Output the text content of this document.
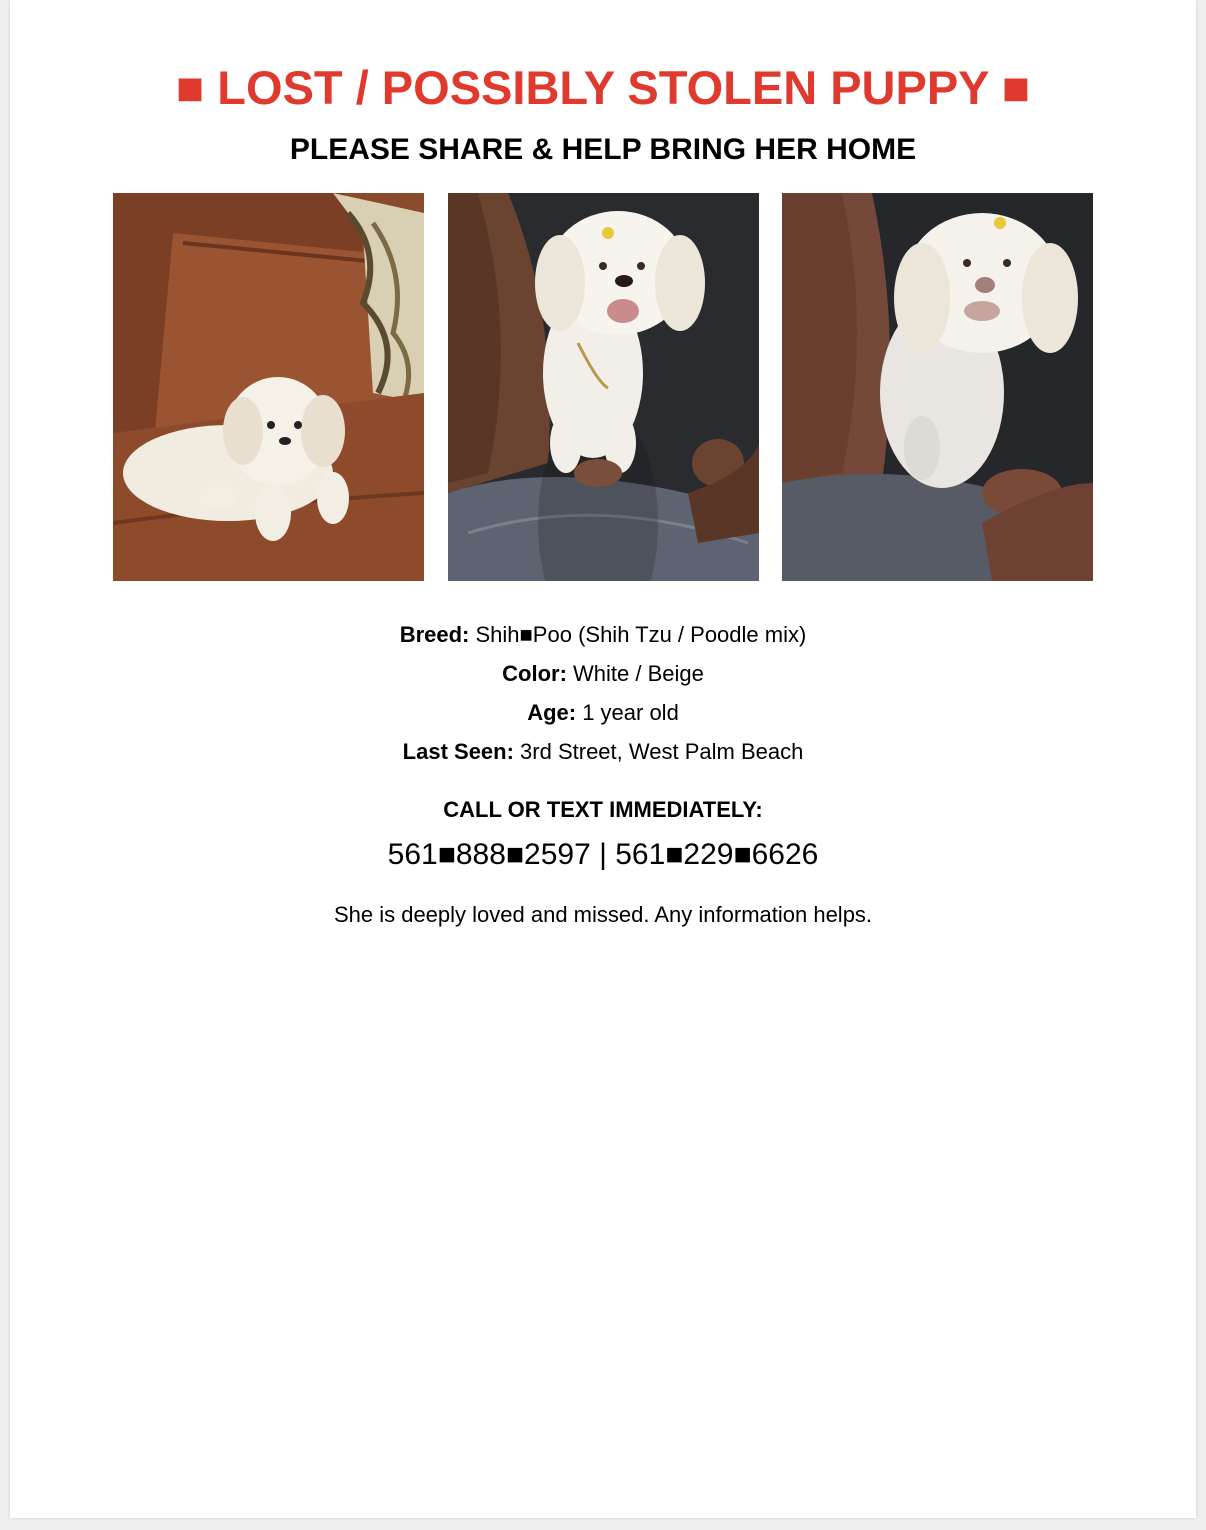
■ LOST / POSSIBLY STOLEN PUPPY ■
PLEASE SHARE & HELP BRING HER HOME
Breed: Shih■Poo (Shih Tzu / Poodle mix)
Color: White / Beige
Age: 1 year old
Last Seen: 3rd Street, West Palm Beach
CALL OR TEXT IMMEDIATELY:
561■888■2597 | 561■229■6626
She is deeply loved and missed. Any information helps.
